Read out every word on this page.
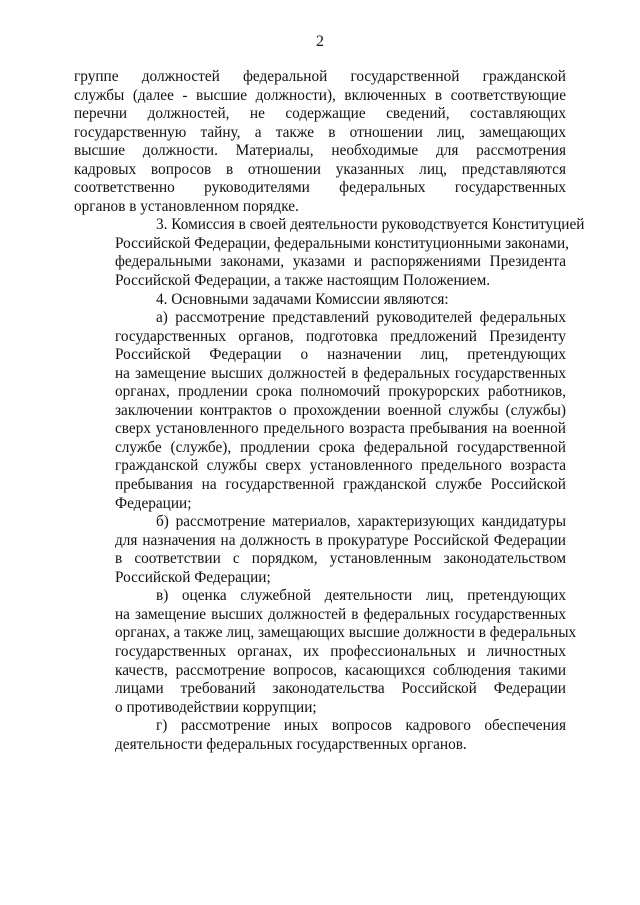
2
группе должностей федеральной государственной гражданской
службы (далее - высшие должности), включенных в соответствующие
перечни должностей, не содержащие сведений, составляющих
государственную тайну, а также в отношении лиц, замещающих
высшие должности. Материалы, необходимые для рассмотрения
кадровых вопросов в отношении указанных лиц, представляются
соответственно руководителями федеральных государственных
органов в установленном порядке.
3. Комиссия в своей деятельности руководствуется Конституцией
Российской Федерации, федеральными конституционными законами,
федеральными законами, указами и распоряжениями Президента
Российской Федерации, а также настоящим Положением.
4. Основными задачами Комиссии являются:
а) рассмотрение представлений руководителей федеральных
государственных органов, подготовка предложений Президенту
Российской Федерации о назначении лиц, претендующих
на замещение высших должностей в федеральных государственных
органах, продлении срока полномочий прокурорских работников,
заключении контрактов о прохождении военной службы (службы)
сверх установленного предельного возраста пребывания на военной
службе (службе), продлении срока федеральной государственной
гражданской службы сверх установленного предельного возраста
пребывания на государственной гражданской службе Российской
Федерации;
б) рассмотрение материалов, характеризующих кандидатуры
для назначения на должность в прокуратуре Российской Федерации
в соответствии с порядком, установленным законодательством
Российской Федерации;
в) оценка служебной деятельности лиц, претендующих
на замещение высших должностей в федеральных государственных
органах, а также лиц, замещающих высшие должности в федеральных
государственных органах, их профессиональных и личностных
качеств, рассмотрение вопросов, касающихся соблюдения такими
лицами требований законодательства Российской Федерации
о противодействии коррупции;
г) рассмотрение иных вопросов кадрового обеспечения
деятельности федеральных государственных органов.
